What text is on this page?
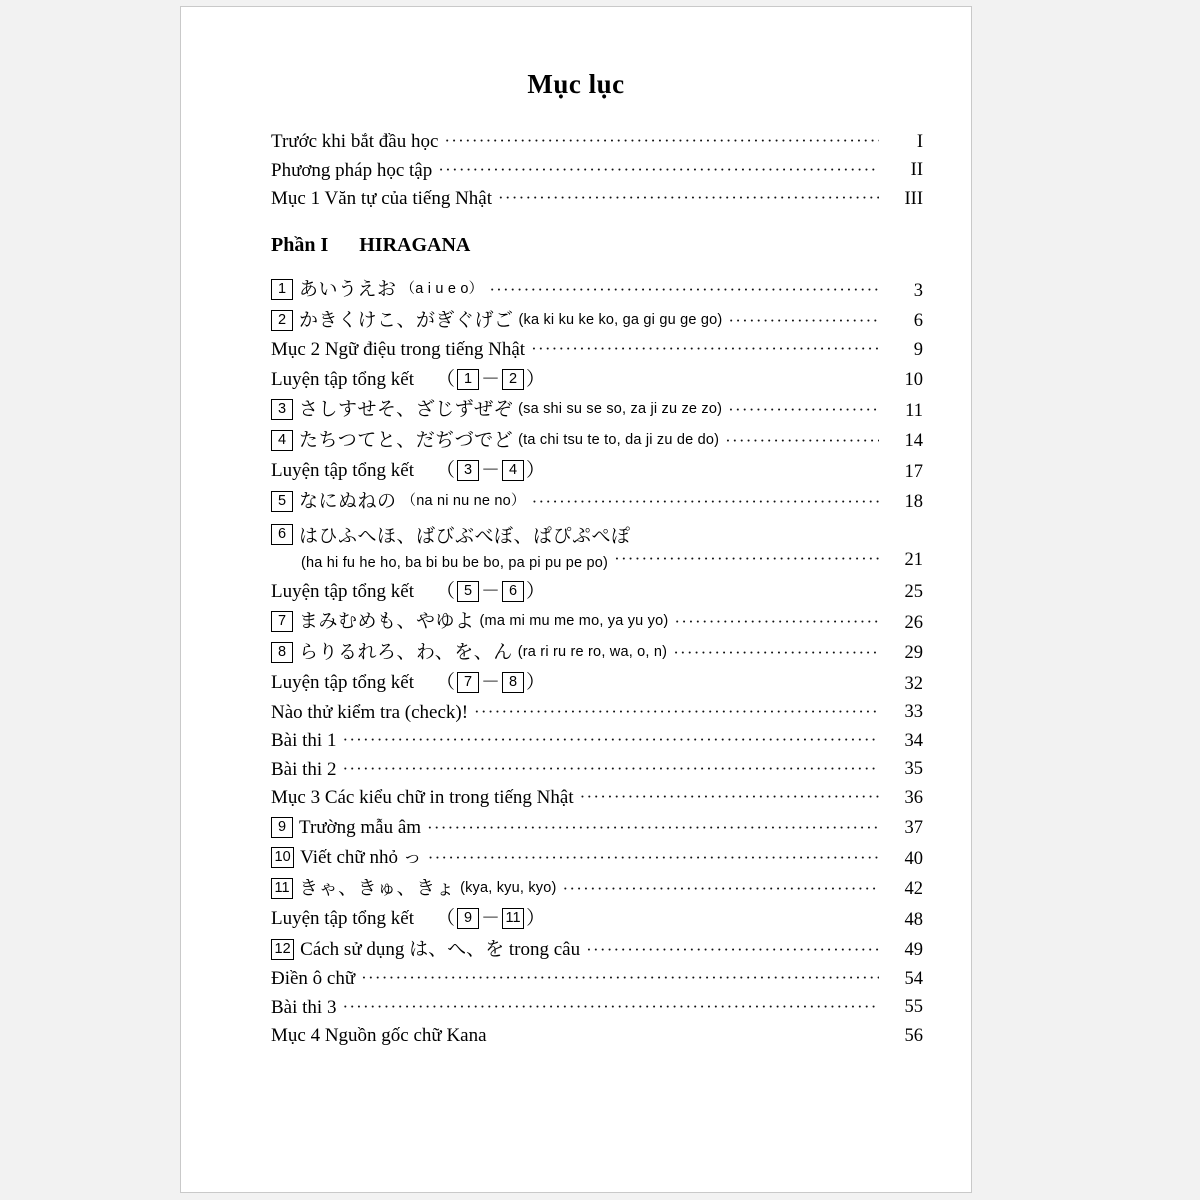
Mục lục
Trước khi bắt đầu học ·····	I
Phương pháp học tập ·····	II
Mục 1 Văn tự của tiếng Nhật ·····	III
Phần I HIRAGANA
1 あいうえお （a i u e o） ·····	3
2 かきくけこ、がぎぐげご (ka ki ku ke ko, ga gi gu ge go) ·····	6
Mục 2 Ngữ điệu trong tiếng Nhật ·····	9
Luyện tập tổng kết （ 1 － 2 ）	10
3 さしすせそ、ざじずぜぞ (sa shi su se so, za ji zu ze zo) ·····	11
4 たちつてと、だぢづでど (ta chi tsu te to, da ji zu de do) ·····	14
Luyện tập tổng kết （ 3 － 4 ）	17
5 なにぬねの （na ni nu ne no） ·····	18
6 はひふへほ、ばびぶべぼ、ぱぴぷぺぽ
(ha hi fu he ho, ba bi bu be bo, pa pi pu pe po) ·····	21
Luyện tập tổng kết （ 5 － 6 ）	25
7 まみむめも、やゆよ (ma mi mu me mo, ya yu yo) ·····	26
8 らりるれろ、わ、を、ん (ra ri ru re ro, wa, o, n) ·····	29
Luyện tập tổng kết （ 7 － 8 ）	32
Nào thử kiểm tra (check)! ·····	33
Bài thi 1 ·····	34
Bài thi 2 ·····	35
Mục 3 Các kiểu chữ in trong tiếng Nhật ·····	36
9 Trường mẫu âm ·····	37
10 Viết chữ nhỏ っ ·····	40
11 きゃ、きゅ、きょ (kya, kyu, kyo) ·····	42
Luyện tập tổng kết （ 9 － 11 ）	48
12 Cách sử dụng は、へ、を trong câu ·····	49
Điền ô chữ ·····	54
Bài thi 3 ·····	55
Mục 4 Nguồn gốc chữ Kana	56
